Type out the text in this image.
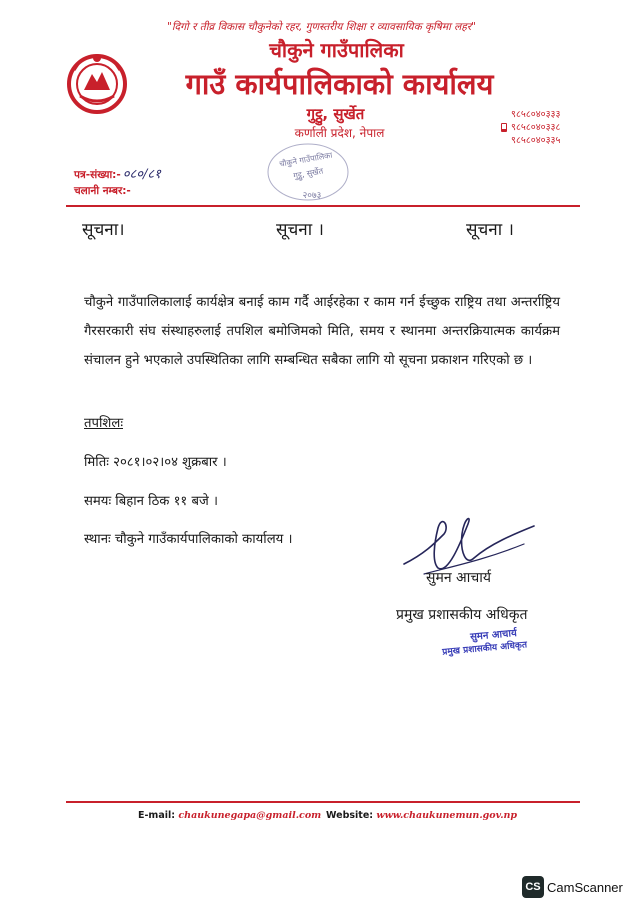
"दिगो र तीव्र विकास चौकुनेको रहर, गुणस्तरीय शिक्षा र व्यावसायिक कृषिमा लहर"
चौकुने गाउँपालिका
गाउँ कार्यपालिकाको कार्यालय
गुट्ठु, सुर्खेत
कर्णाली प्रदेश, नेपाल
९८५८०४०३३३
९८५८०४०३३८
९८५८०४०३३५
पत्र-संख्या:- ०८०/८१
चलानी नम्बर:-
चौकुने गाउँपालिका
गुट्ठु, सुर्खेत
२०७३
सूचना।	सूचना ।	सूचना ।
चौकुने गाउँपालिकालाई कार्यक्षेत्र बनाई काम गर्दै आईरहेका र काम गर्न ईच्छुक राष्ट्रिय तथा अन्तर्राष्ट्रिय गैरसरकारी संघ संस्थाहरुलाई तपशिल बमोजिमको मिति, समय र स्थानमा अन्तरक्रियात्मक कार्यक्रम संचालन हुने भएकाले उपस्थितिका लागि सम्बन्धित सबैका लागि यो सूचना प्रकाशन गरिएको छ ।
तपशिलः
मितिः २०८१।०२।०४ शुक्रबार ।
समयः बिहान ठिक ११ बजे ।
स्थानः चौकुने गाउँकार्यपालिकाको कार्यालय ।
सुमन आचार्य
प्रमुख प्रशासकीय अधिकृत
सुमन आचार्य
प्रमुख प्रशासकीय अधिकृत
E-mail: chaukunegapa@gmail.com Website: www.chaukunemun.gov.np
CS CamScanner
